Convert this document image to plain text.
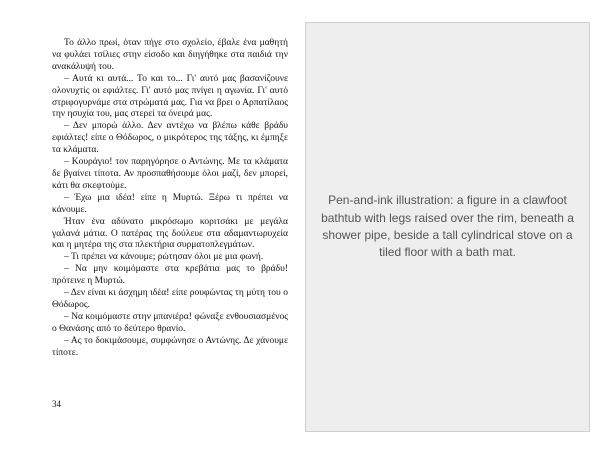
Το άλλο πρωί, όταν πήγε στο σχολείο, έβαλε ένα μαθητή να φυλάει τσίλιες στην είσοδο και διηγήθηκε στα παιδιά την ανακάλυψή του.

– Αυτά κι αυτά... Το και το... Γι' αυτό μας βασανίζουνε ολονυχτίς οι εφιάλτες. Γι' αυτό μας πνίγει η αγωνία. Γι' αυτό στριφογυρνάμε στα στρώματά μας. Για να βρει ο Αρπατίλαος την ησυχία του, μας στερεί τα όνειρά μας.

– Δεν μπορώ άλλο. Δεν αντέχω να βλέπω κάθε βράδυ εφιάλτες! είπε ο Θόδωρος, ο μικρότερος της τάξης, κι έμπηξε τα κλάματα.

– Κουράγιο! τον παρηγόρησε ο Αντώνης. Με τα κλάματα δε βγαίνει τίποτα. Αν προσπαθήσουμε όλοι μαζί, δεν μπορεί, κάτι θα σκεφτούμε.

– Έχω μια ιδέα! είπε η Μυρτώ. Ξέρω τι πρέπει να κάνουμε.

Ήταν ένα αδύνατο μικρόσωμο κοριτσάκι με μεγάλα γαλανά μάτια. Ο πατέρας της δούλευε στα αδαμαντωρυχεία και η μητέρα της στα πλεκτήρια συρματοπλεγμάτων.

– Τι πρέπει να κάνουμε; ρώτησαν όλοι με μια φωνή.

– Να μην κοιμόμαστε στα κρεβάτια μας το βράδυ! πρότεινε η Μυρτώ.

– Δεν είναι κι άσχημη ιδέα! είπε ρουφώντας τη μύτη του ο Θόδωρος.

– Να κοιμόμαστε στην μπανιέρα! φώναξε ενθουσιασμένος ο Θανάσης από το δεύτερο θρανίο.

– Ας το δοκιμάσουμε, συμφώνησε ο Αντώνης. Δε χάνουμε τίποτε.

34
Pen-and-ink illustration: a figure in a clawfoot bathtub with legs raised over the rim, beneath a shower pipe, beside a tall cylindrical stove on a tiled floor with a bath mat.
